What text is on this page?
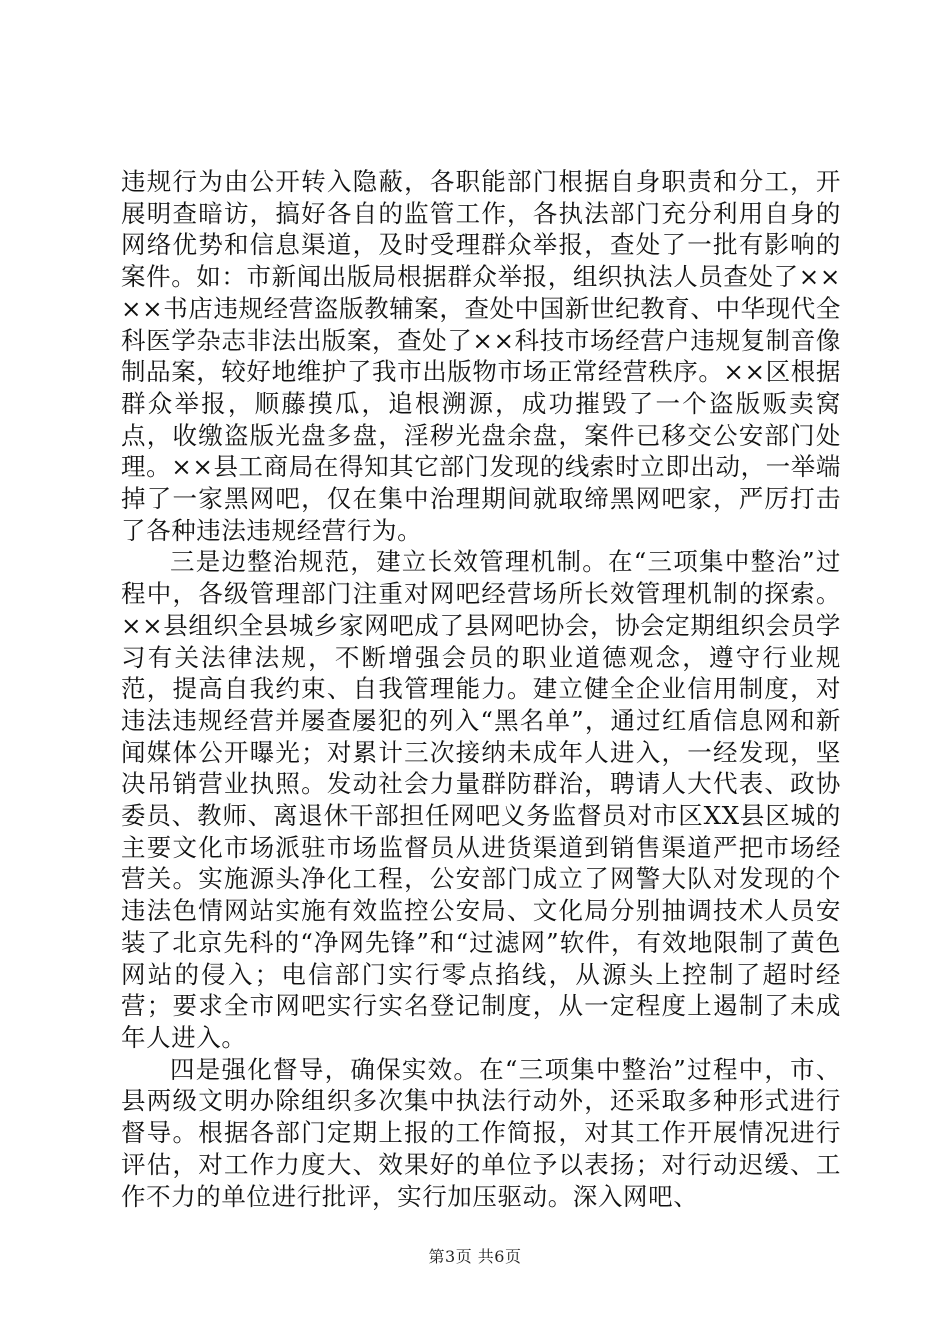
违规行为由公开转入隐蔽，各职能部门根据自身职责和分工，开展明查暗访，搞好各自的监管工作，各执法部门充分利用自身的网络优势和信息渠道，及时受理群众举报，查处了一批有影响的案件。如：市新闻出版局根据群众举报，组织执法人员查处了××××书店违规经营盗版教辅案，查处中国新世纪教育、中华现代全科医学杂志非法出版案，查处了××科技市场经营户违规复制音像制品案，较好地维护了我市出版物市场正常经营秩序。××区根据群众举报，顺藤摸瓜，追根溯源，成功摧毁了一个盗版贩卖窝点，收缴盗版光盘多盘，淫秽光盘余盘，案件已移交公安部门处理。××县工商局在得知其它部门发现的线索时立即出动，一举端掉了一家黑网吧，仅在集中治理期间就取缔黑网吧家，严厉打击了各种违法违规经营行为。

三是边整治规范，建立长效管理机制。在“三项集中整治”过程中，各级管理部门注重对网吧经营场所长效管理机制的探索。××县组织全县城乡家网吧成了县网吧协会，协会定期组织会员学习有关法律法规，不断增强会员的职业道德观念，遵守行业规范，提高自我约束、自我管理能力。建立健全企业信用制度，对违法违规经营并屡查屡犯的列入“黑名单”，通过红盾信息网和新闻媒体公开曝光；对累计三次接纳未成年人进入，一经发现，坚决吊销营业执照。发动社会力量群防群治，聘请人大代表、政协委员、教师、离退休干部担任网吧义务监督员对市区XX县区城的主要文化市场派驻市场监督员从进货渠道到销售渠道严把市场经营关。实施源头净化工程，公安部门成立了网警大队对发现的个违法色情网站实施有效监控公安局、文化局分别抽调技术人员安装了北京先科的“净网先锋”和“过滤网”软件，有效地限制了黄色网站的侵入；电信部门实行零点掐线，从源头上控制了超时经营；要求全市网吧实行实名登记制度，从一定程度上遏制了未成年人进入。

四是强化督导，确保实效。在“三项集中整治”过程中，市、县两级文明办除组织多次集中执法行动外，还采取多种形式进行督导。根据各部门定期上报的工作简报，对其工作开展情况进行评估，对工作力度大、效果好的单位予以表扬；对行动迟缓、工作不力的单位进行批评，实行加压驱动。深入网吧、

第3页 共6页
